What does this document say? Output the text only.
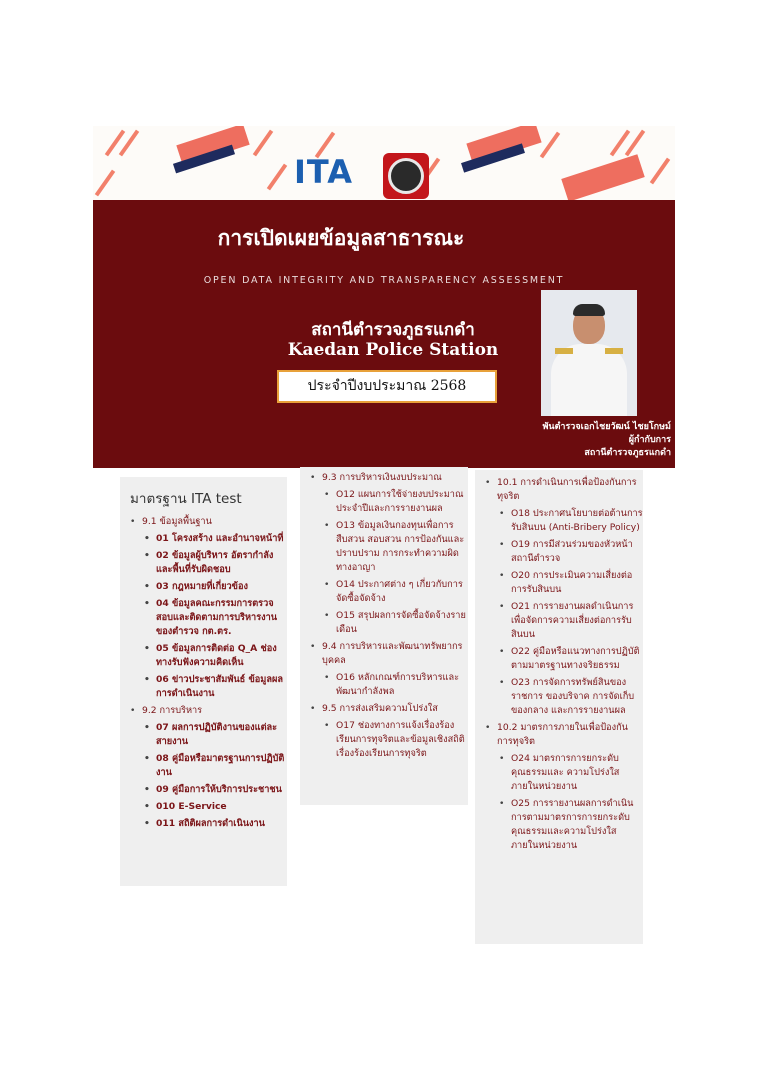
ITA
การเปิดเผยข้อมูลสาธารณะ
OPEN DATA INTEGRITY AND TRANSPARENCY ASSESSMENT
สถานีตำรวจภูธรแกดำ
Kaedan Police Station
ประจำปีงบประมาณ 2568
พันตำรวจเอกไชยวัฒน์ ไชยโกษม์
ผู้กำกับการ
สถานีตำรวจภูธรแกดำ
มาตรฐาน ITA test
• 9.1 ข้อมูลพื้นฐาน
• 01 โครงสร้าง และอำนาจหน้าที่
• 02 ข้อมูลผู้บริหาร อัตรากำลังและพื้นที่รับผิดชอบ
• 03 กฎหมายที่เกี่ยวข้อง
• 04 ข้อมูลคณะกรรมการตรวจสอบและติดตามการบริหารงานของตำรวจ กต.ตร.
• 05 ข้อมูลการติดต่อ Q_A ช่องทางรับฟังความคิดเห็น
• 06 ข่าวประชาสัมพันธ์ ข้อมูลผลการดำเนินงาน
• 9.2 การบริหาร
• 07 ผลการปฏิบัติงานของแต่ละสายงาน
• 08 คู่มือหรือมาตรฐานการปฏิบัติงาน
• 09 คู่มือการให้บริการประชาชน
• 010 E-Service
• 011 สถิติผลการดำเนินงาน
• 9.3 การบริหารเงินงบประมาณ
• O12 แผนการใช้จ่ายงบประมาณประจำปีและการรายงานผล
• O13 ข้อมูลเงินกองทุนเพื่อการสืบสวน สอบสวน การป้องกันและปราบปราม การกระทำความผิดทางอาญา
• O14 ประกาศต่าง ๆ เกี่ยวกับการจัดซื้อจัดจ้าง
• O15 สรุปผลการจัดซื้อจัดจ้างรายเดือน
• 9.4 การบริหารและพัฒนาทรัพยากรบุคคล
• O16 หลักเกณฑ์การบริหารและพัฒนากำลังพล
• 9.5 การส่งเสริมความโปร่งใส
• O17 ช่องทางการแจ้งเรื่องร้องเรียนการทุจริตและข้อมูลเชิงสถิติเรื่องร้องเรียนการทุจริต
• 10.1 การดำเนินการเพื่อป้องกันการทุจริต
• O18 ประกาศนโยบายต่อต้านการรับสินบน (Anti-Bribery Policy)
• O19 การมีส่วนร่วมของหัวหน้าสถานีตำรวจ
• O20 การประเมินความเสี่ยงต่อการรับสินบน
• O21 การรายงานผลดำเนินการเพื่อจัดการความเสี่ยงต่อการรับสินบน
• O22 คู่มือหรือแนวทางการปฏิบัติ ตามมาตรฐานทางจริยธรรม
• O23 การจัดการทรัพย์สินของราชการ ของบริจาค การจัดเก็บของกลาง และการรายงานผล
• 10.2 มาตรการภายในเพื่อป้องกันการทุจริต
• O24 มาตรการการยกระดับคุณธรรมและ ความโปร่งใสภายในหน่วยงาน
• O25 การรายงานผลการดำเนินการตามมาตรการการยกระดับคุณธรรมและความโปร่งใสภายในหน่วยงาน
